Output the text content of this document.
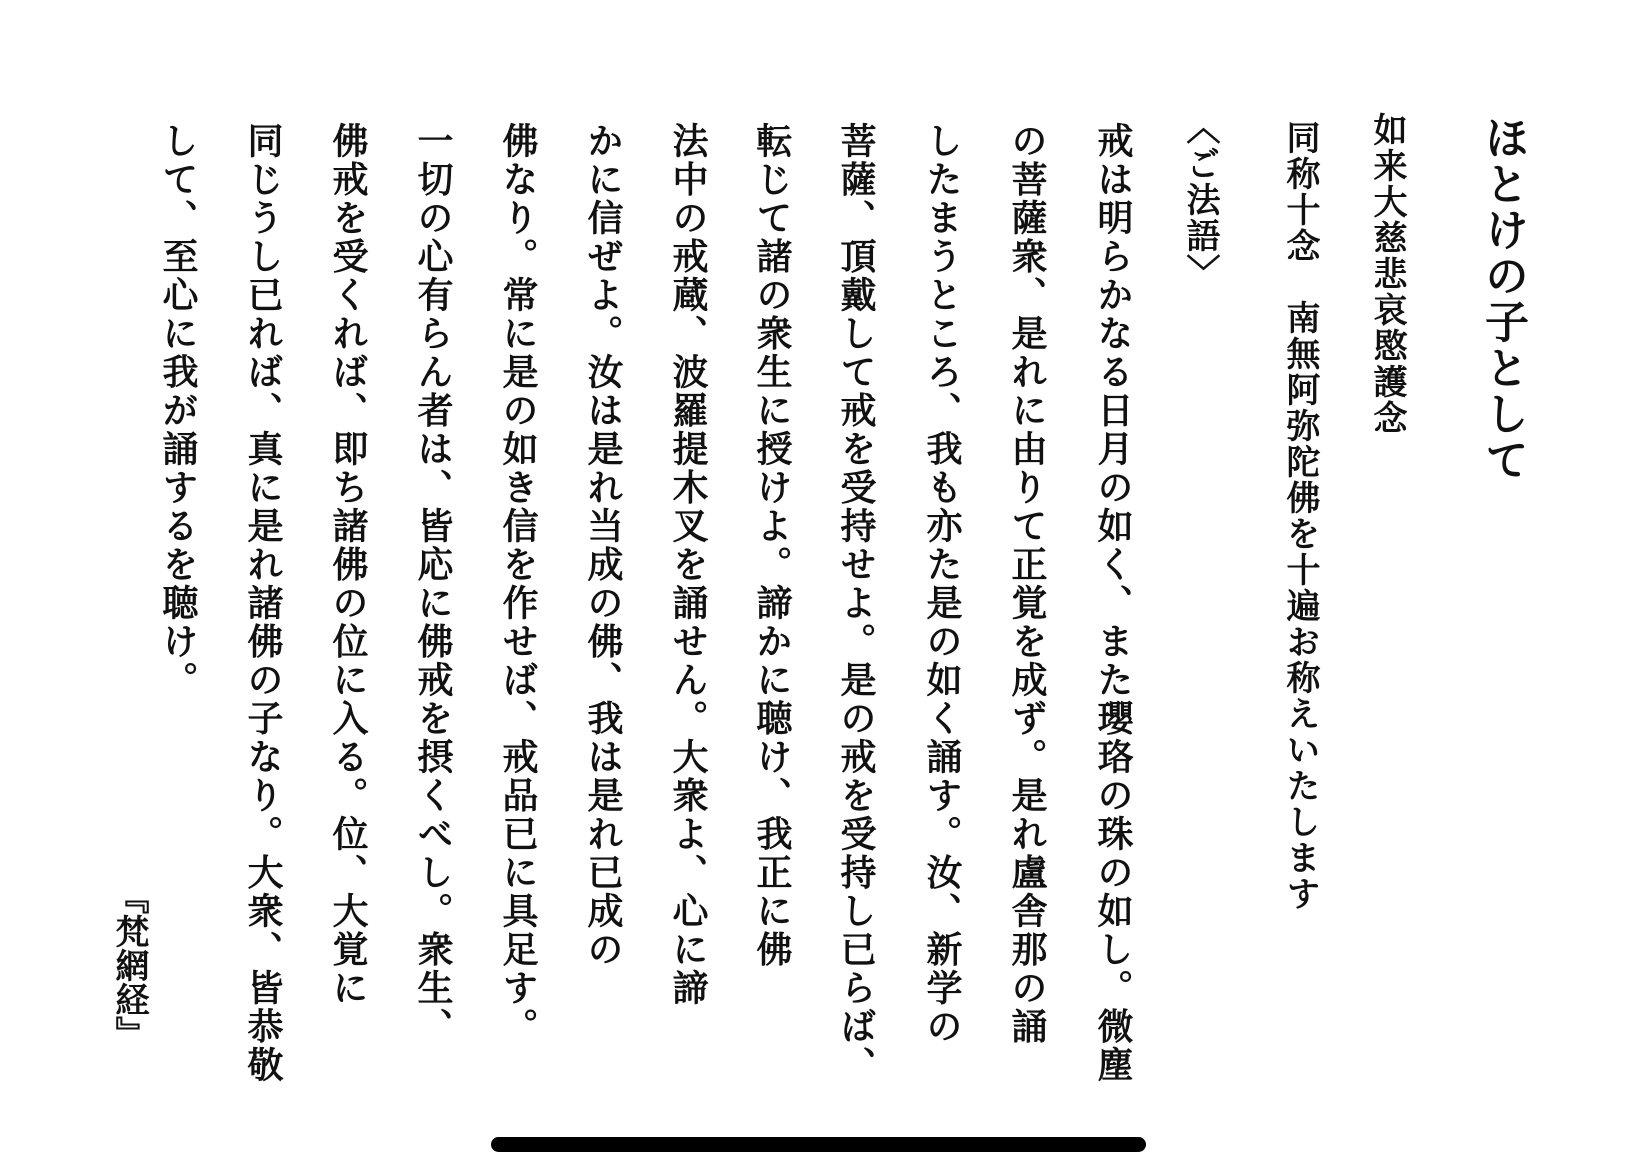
ほとけの子として
如来大慈悲哀愍護念
同称十念　南無阿弥陀佛を十遍お称えいたします
〈ご法語〉
戒は明らかなる日月の如く、また瓔珞の珠の如し。微塵
の菩薩衆、是れに由りて正覚を成ず。是れ盧舎那の誦
したまうところ、我も亦た是の如く誦す。汝、新学の
菩薩、頂戴して戒を受持せよ。是の戒を受持し已らば、
転じて諸の衆生に授けよ。諦かに聴け、我正に佛
法中の戒蔵、波羅提木叉を誦せん。大衆よ、心に諦
かに信ぜよ。汝は是れ当成の佛、我は是れ已成の
佛なり。常に是の如き信を作せば、戒品已に具足す。
一切の心有らん者は、皆応に佛戒を摂くべし。衆生、
佛戒を受くれば、即ち諸佛の位に入る。位、大覚に
同じうし已れば、真に是れ諸佛の子なり。大衆、皆恭敬
して、至心に我が誦するを聴け。
『梵網経』
